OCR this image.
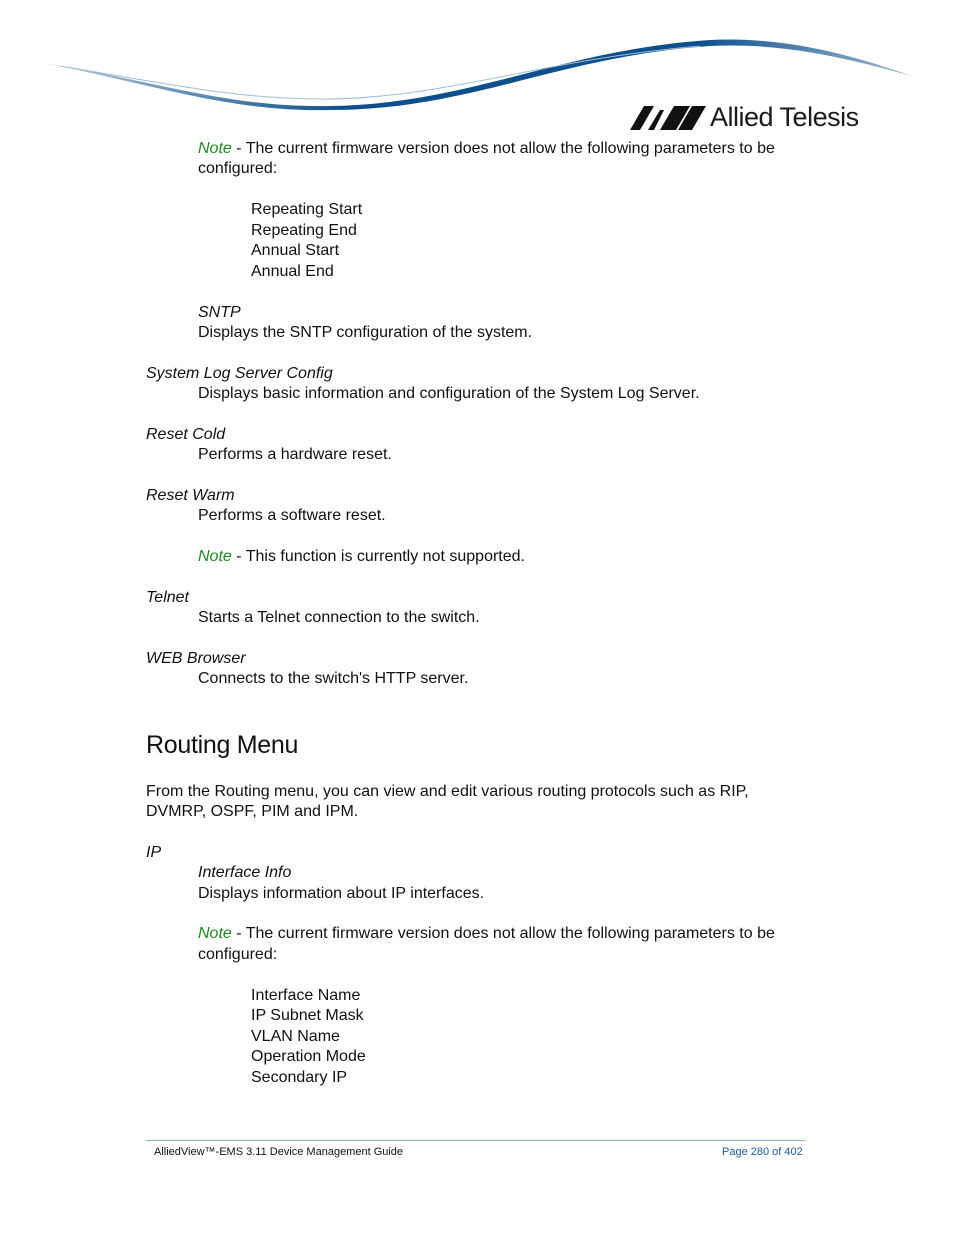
Allied Telesis
Note - The current firmware version does not allow the following parameters to be
configured:
Repeating Start
Repeating End
Annual Start
Annual End
SNTP
Displays the SNTP configuration of the system.
System Log Server Config
Displays basic information and configuration of the System Log Server.
Reset Cold
Performs a hardware reset.
Reset Warm
Performs a software reset.
Note - This function is currently not supported.
Telnet
Starts a Telnet connection to the switch.
WEB Browser
Connects to the switch's HTTP server.
Routing Menu
From the Routing menu, you can view and edit various routing protocols such as RIP,
DVMRP, OSPF, PIM and IPM.
IP
Interface Info
Displays information about IP interfaces.
Note - The current firmware version does not allow the following parameters to be
configured:
Interface Name
IP Subnet Mask
VLAN Name
Operation Mode
Secondary IP
AlliedView™-EMS 3.11 Device Management Guide	Page 280 of 402
